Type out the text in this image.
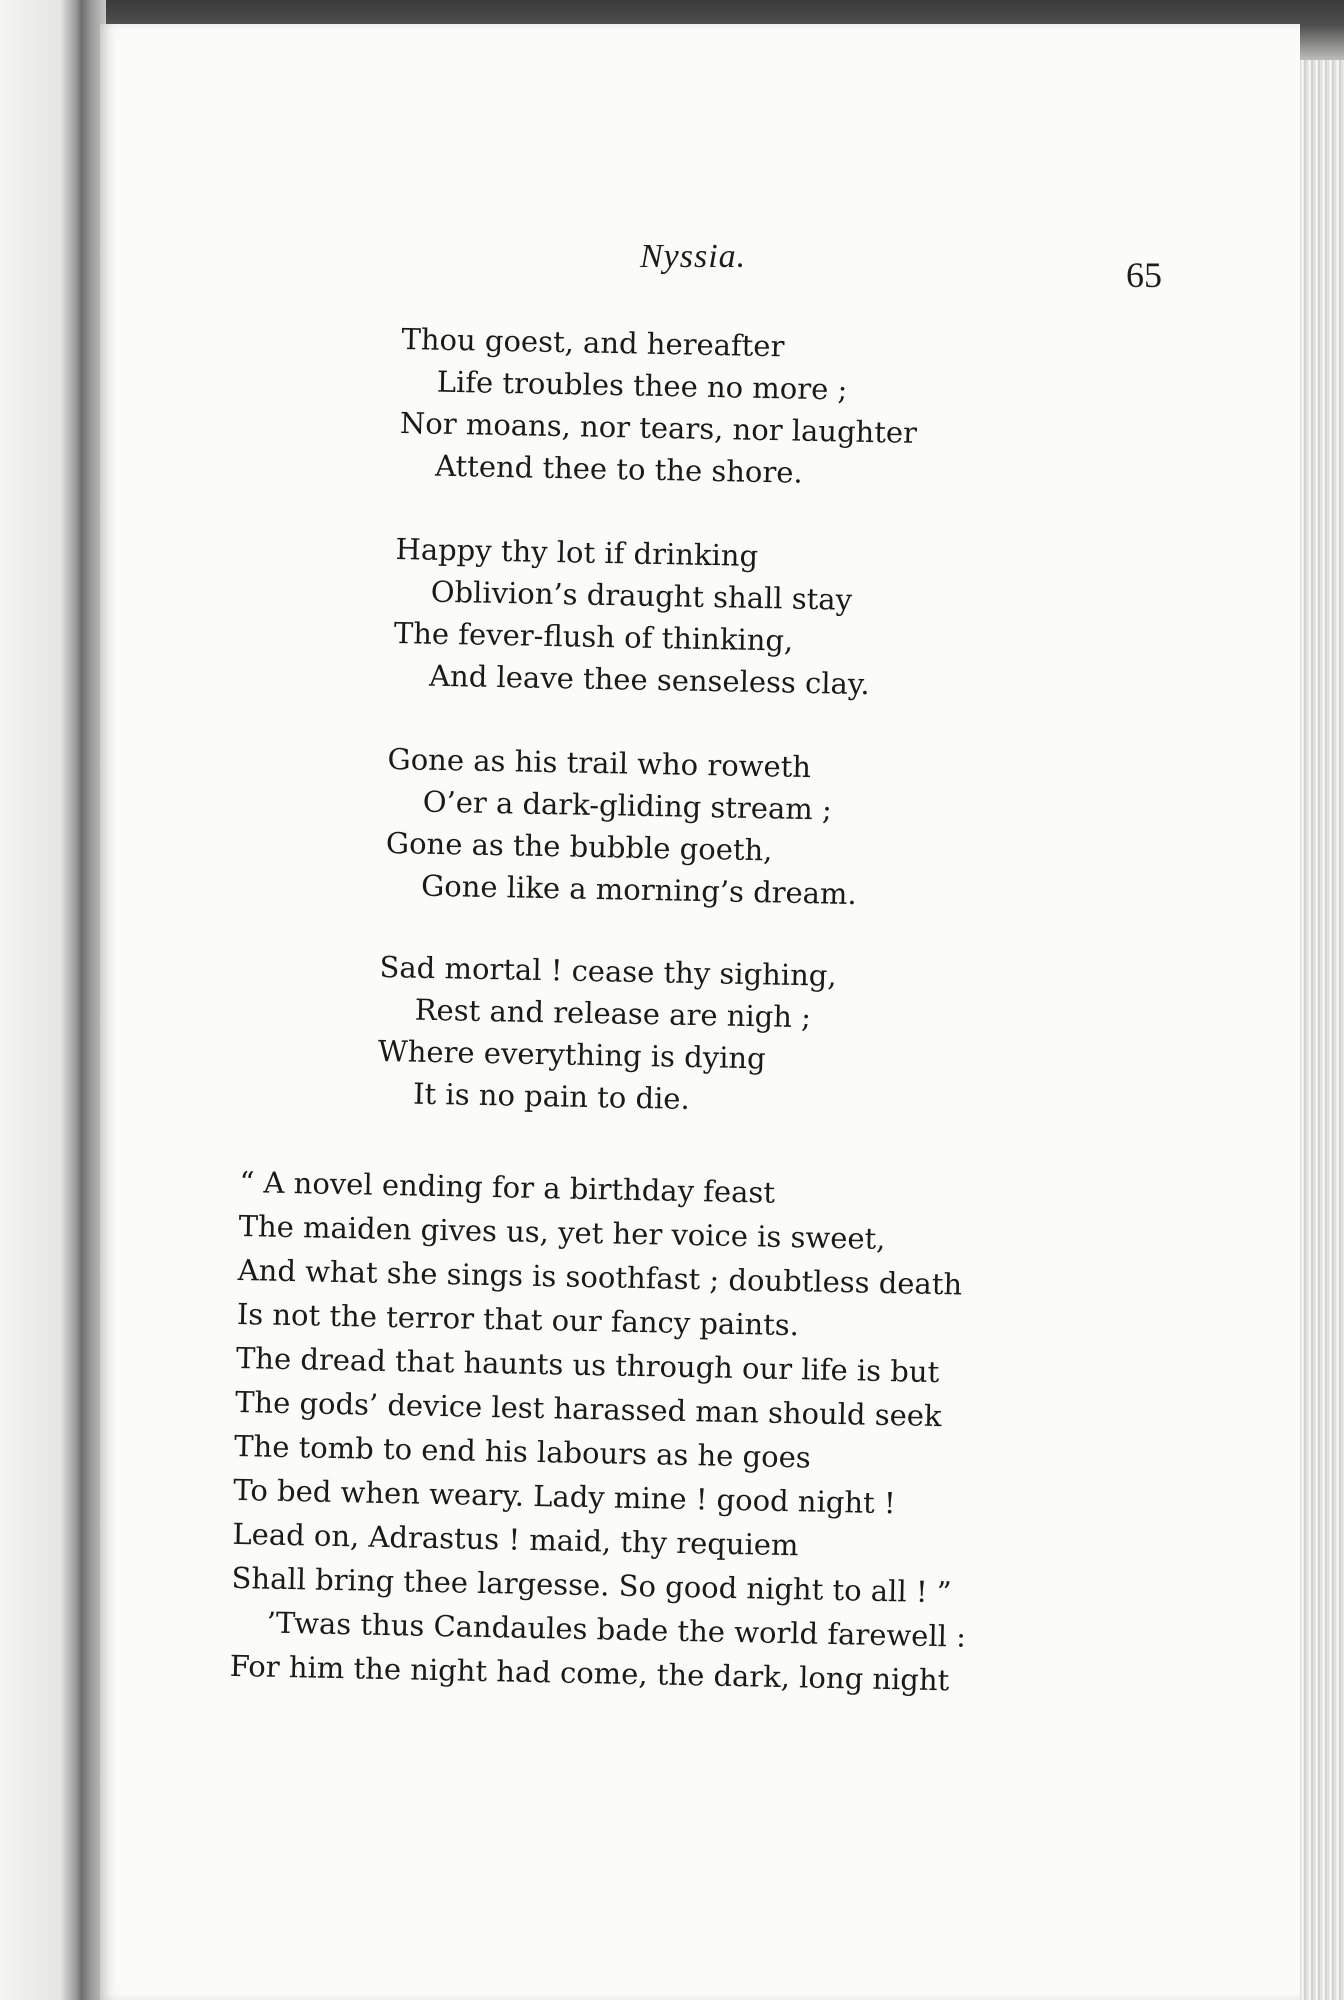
Nyssia.	65
Thou goest, and hereafter
Life troubles thee no more ;
Nor moans, nor tears, nor laughter
Attend thee to the shore.
Happy thy lot if drinking
Oblivion’s draught shall stay
The fever-flush of thinking,
And leave thee senseless clay.
Gone as his trail who roweth
O’er a dark-gliding stream ;
Gone as the bubble goeth,
Gone like a morning’s dream.
Sad mortal ! cease thy sighing,
Rest and release are nigh ;
Where everything is dying
It is no pain to die.
“ A novel ending for a birthday feast
The maiden gives us, yet her voice is sweet,
And what she sings is soothfast ; doubtless death
Is not the terror that our fancy paints.
The dread that haunts us through our life is but
The gods’ device lest harassed man should seek
The tomb to end his labours as he goes
To bed when weary. Lady mine ! good night !
Lead on, Adrastus ! maid, thy requiem
Shall bring thee largesse. So good night to all ! ”
’Twas thus Candaules bade the world farewell :
For him the night had come, the dark, long night
